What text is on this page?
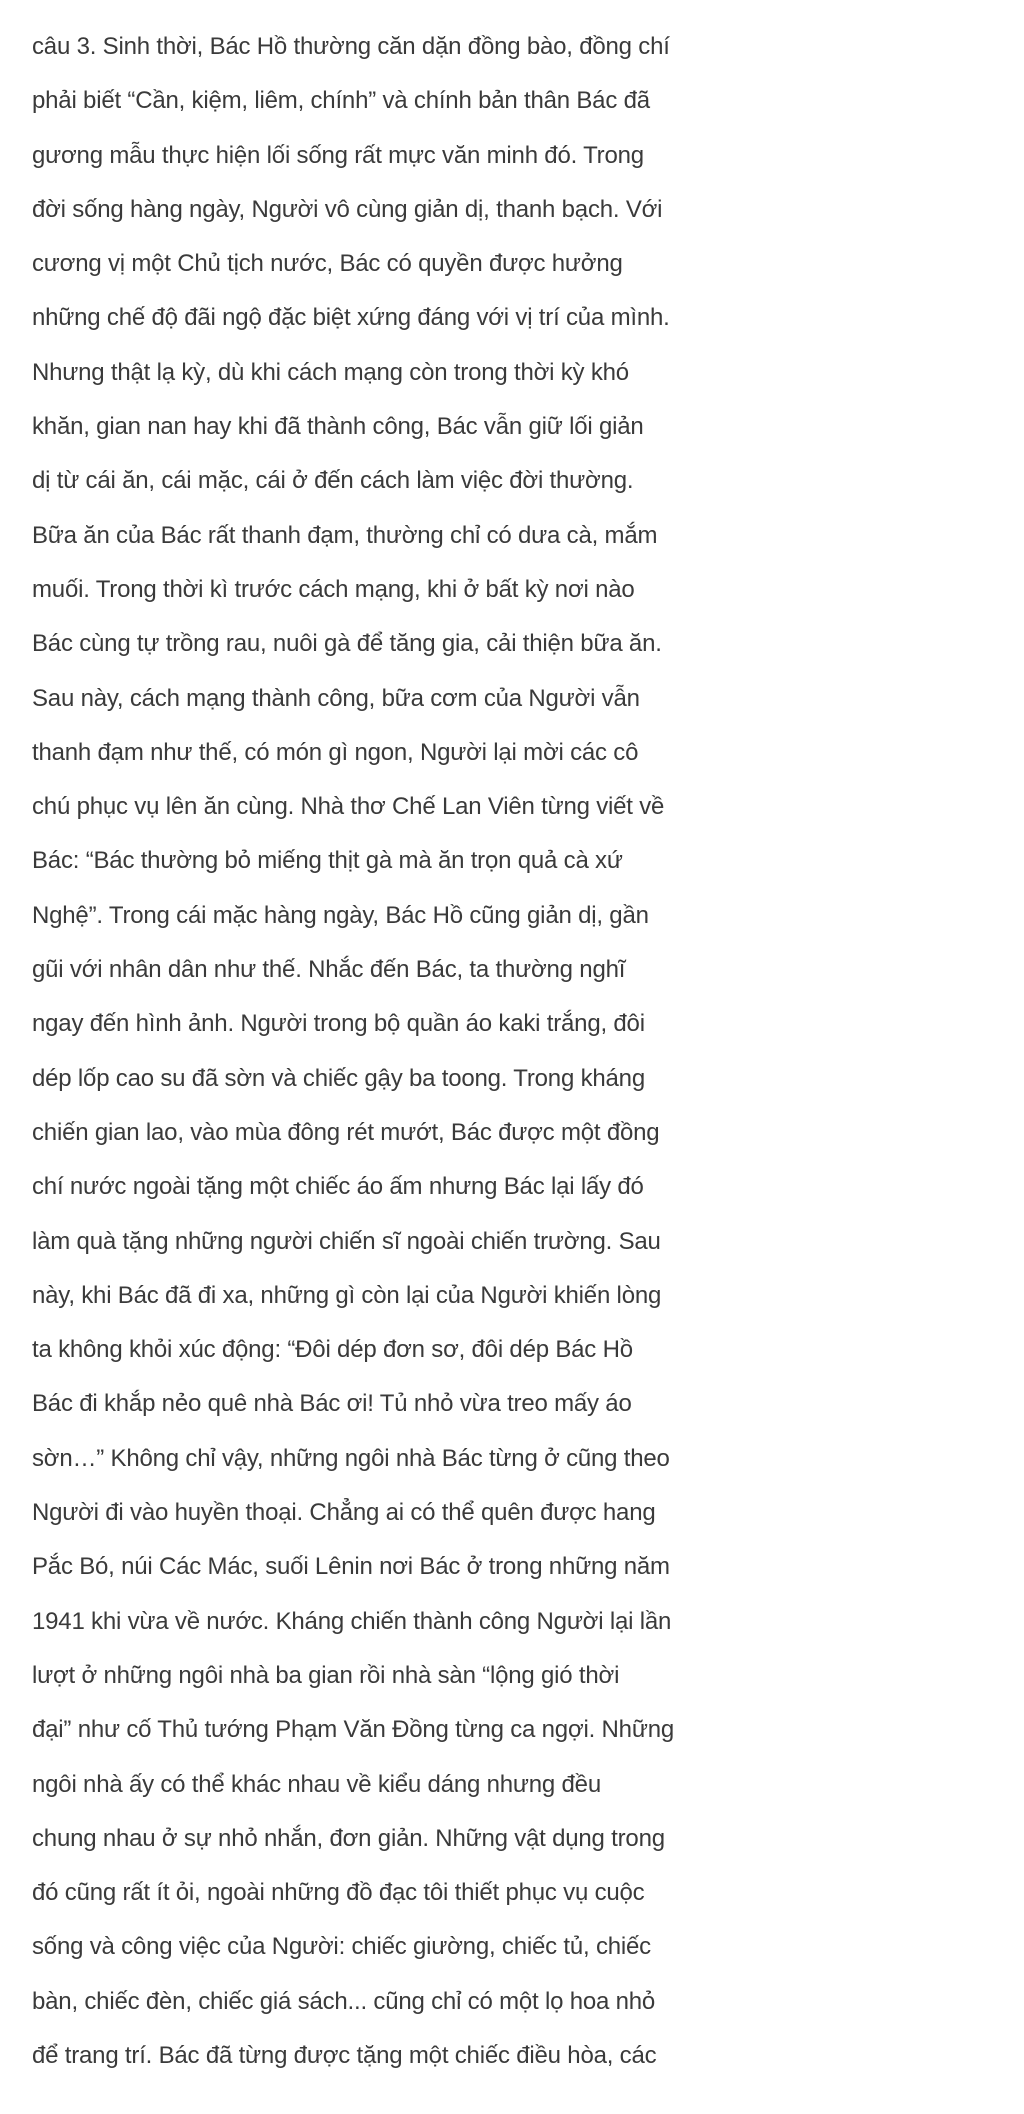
câu 3. Sinh thời, Bác Hồ thường căn dặn đồng bào, đồng chí
phải biết “Cần, kiệm, liêm, chính” và chính bản thân Bác đã
gương mẫu thực hiện lối sống rất mực văn minh đó. Trong
đời sống hàng ngày, Người vô cùng giản dị, thanh bạch. Với
cương vị một Chủ tịch nước, Bác có quyền được hưởng
những chế độ đãi ngộ đặc biệt xứng đáng với vị trí của mình.
Nhưng thật lạ kỳ, dù khi cách mạng còn trong thời kỳ khó
khăn, gian nan hay khi đã thành công, Bác vẫn giữ lối giản
dị từ cái ăn, cái mặc, cái ở đến cách làm việc đời thường.
Bữa ăn của Bác rất thanh đạm, thường chỉ có dưa cà, mắm
muối. Trong thời kì trước cách mạng, khi ở bất kỳ nơi nào
Bác cùng tự trồng rau, nuôi gà để tăng gia, cải thiện bữa ăn.
Sau này, cách mạng thành công, bữa cơm của Người vẫn
thanh đạm như thế, có món gì ngon, Người lại mời các cô
chú phục vụ lên ăn cùng. Nhà thơ Chế Lan Viên từng viết về
Bác: “Bác thường bỏ miếng thịt gà mà ăn trọn quả cà xứ
Nghệ”. Trong cái mặc hàng ngày, Bác Hồ cũng giản dị, gần
gũi với nhân dân như thế. Nhắc đến Bác, ta thường nghĩ
ngay đến hình ảnh. Người trong bộ quần áo kaki trắng, đôi
dép lốp cao su đã sờn và chiếc gậy ba toong. Trong kháng
chiến gian lao, vào mùa đông rét mướt, Bác được một đồng
chí nước ngoài tặng một chiếc áo ấm nhưng Bác lại lấy đó
làm quà tặng những người chiến sĩ ngoài chiến trường. Sau
này, khi Bác đã đi xa, những gì còn lại của Người khiến lòng
ta không khỏi xúc động: “Đôi dép đơn sơ, đôi dép Bác Hồ
Bác đi khắp nẻo quê nhà Bác ơi! Tủ nhỏ vừa treo mấy áo
sờn…” Không chỉ vậy, những ngôi nhà Bác từng ở cũng theo
Người đi vào huyền thoại. Chẳng ai có thể quên được hang
Pắc Bó, núi Các Mác, suối Lênin nơi Bác ở trong những năm
1941 khi vừa về nước. Kháng chiến thành công Người lại lần
lượt ở những ngôi nhà ba gian rồi nhà sàn “lộng gió thời
đại” như cố Thủ tướng Phạm Văn Đồng từng ca ngợi. Những
ngôi nhà ấy có thể khác nhau về kiểu dáng nhưng đều
chung nhau ở sự nhỏ nhắn, đơn giản. Những vật dụng trong
đó cũng rất ít ỏi, ngoài những đồ đạc tôi thiết phục vụ cuộc
sống và công việc của Người: chiếc giường, chiếc tủ, chiếc
bàn, chiếc đèn, chiếc giá sách... cũng chỉ có một lọ hoa nhỏ
để trang trí. Bác đã từng được tặng một chiếc điều hòa, các
